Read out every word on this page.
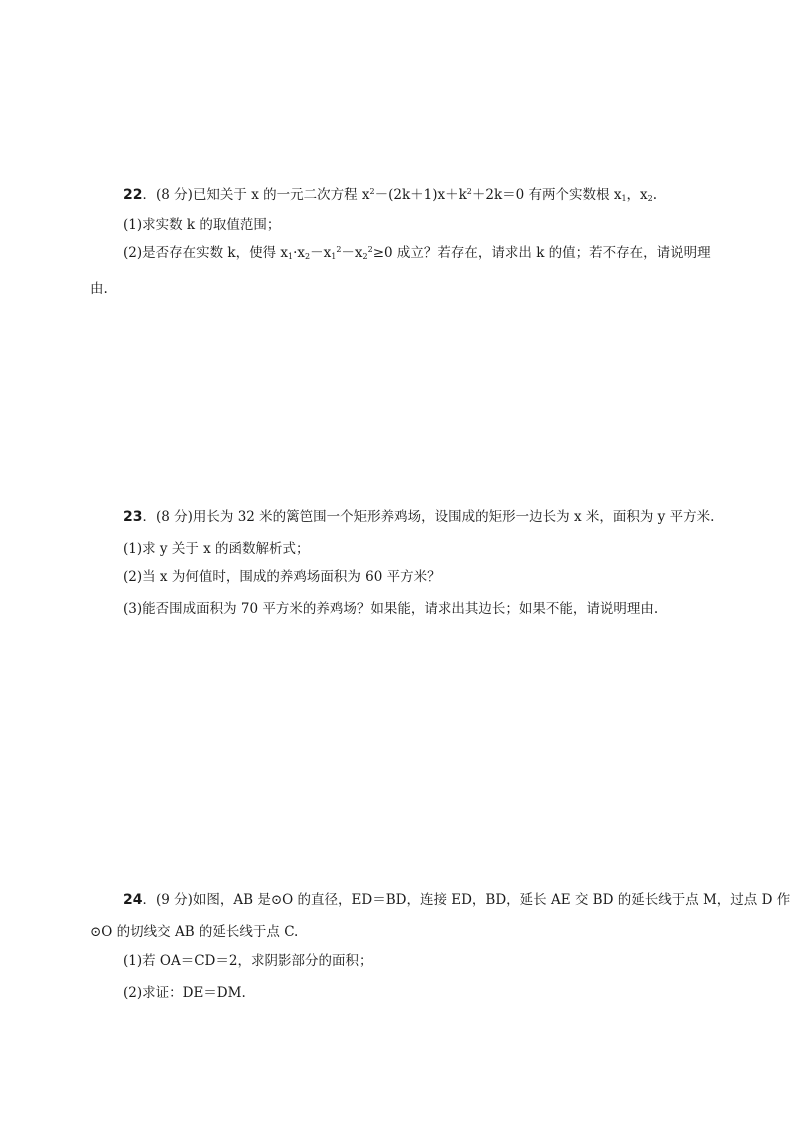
22．(8 分)已知关于 x 的一元二次方程 $x^2-(2k+1)x+k^2+2k=0$ 有两个实数根 $x_1$，$x_2$.
(1)求实数 k 的取值范围；
(2)是否存在实数 k，使得 $x_1\cdot x_2-x_1^2-x_2^2\ge 0$ 成立？若存在，请求出 k 的值；若不存在，请说明理
由.
23．(8 分)用长为 32 米的篱笆围一个矩形养鸡场，设围成的矩形一边长为 x 米，面积为 y 平方米.
(1)求 y 关于 x 的函数解析式；
(2)当 x 为何值时，围成的养鸡场面积为 60 平方米？
(3)能否围成面积为 70 平方米的养鸡场？如果能，请求出其边长；如果不能，请说明理由.
24．(9 分)如图，AB 是⊙O 的直径，ED＝BD，连接 ED，BD，延长 AE 交 BD 的延长线于点 M，过点 D 作
⊙O 的切线交 AB 的延长线于点 C.
(1)若 OA＝CD＝2，求阴影部分的面积；
(2)求证：DE＝DM.
